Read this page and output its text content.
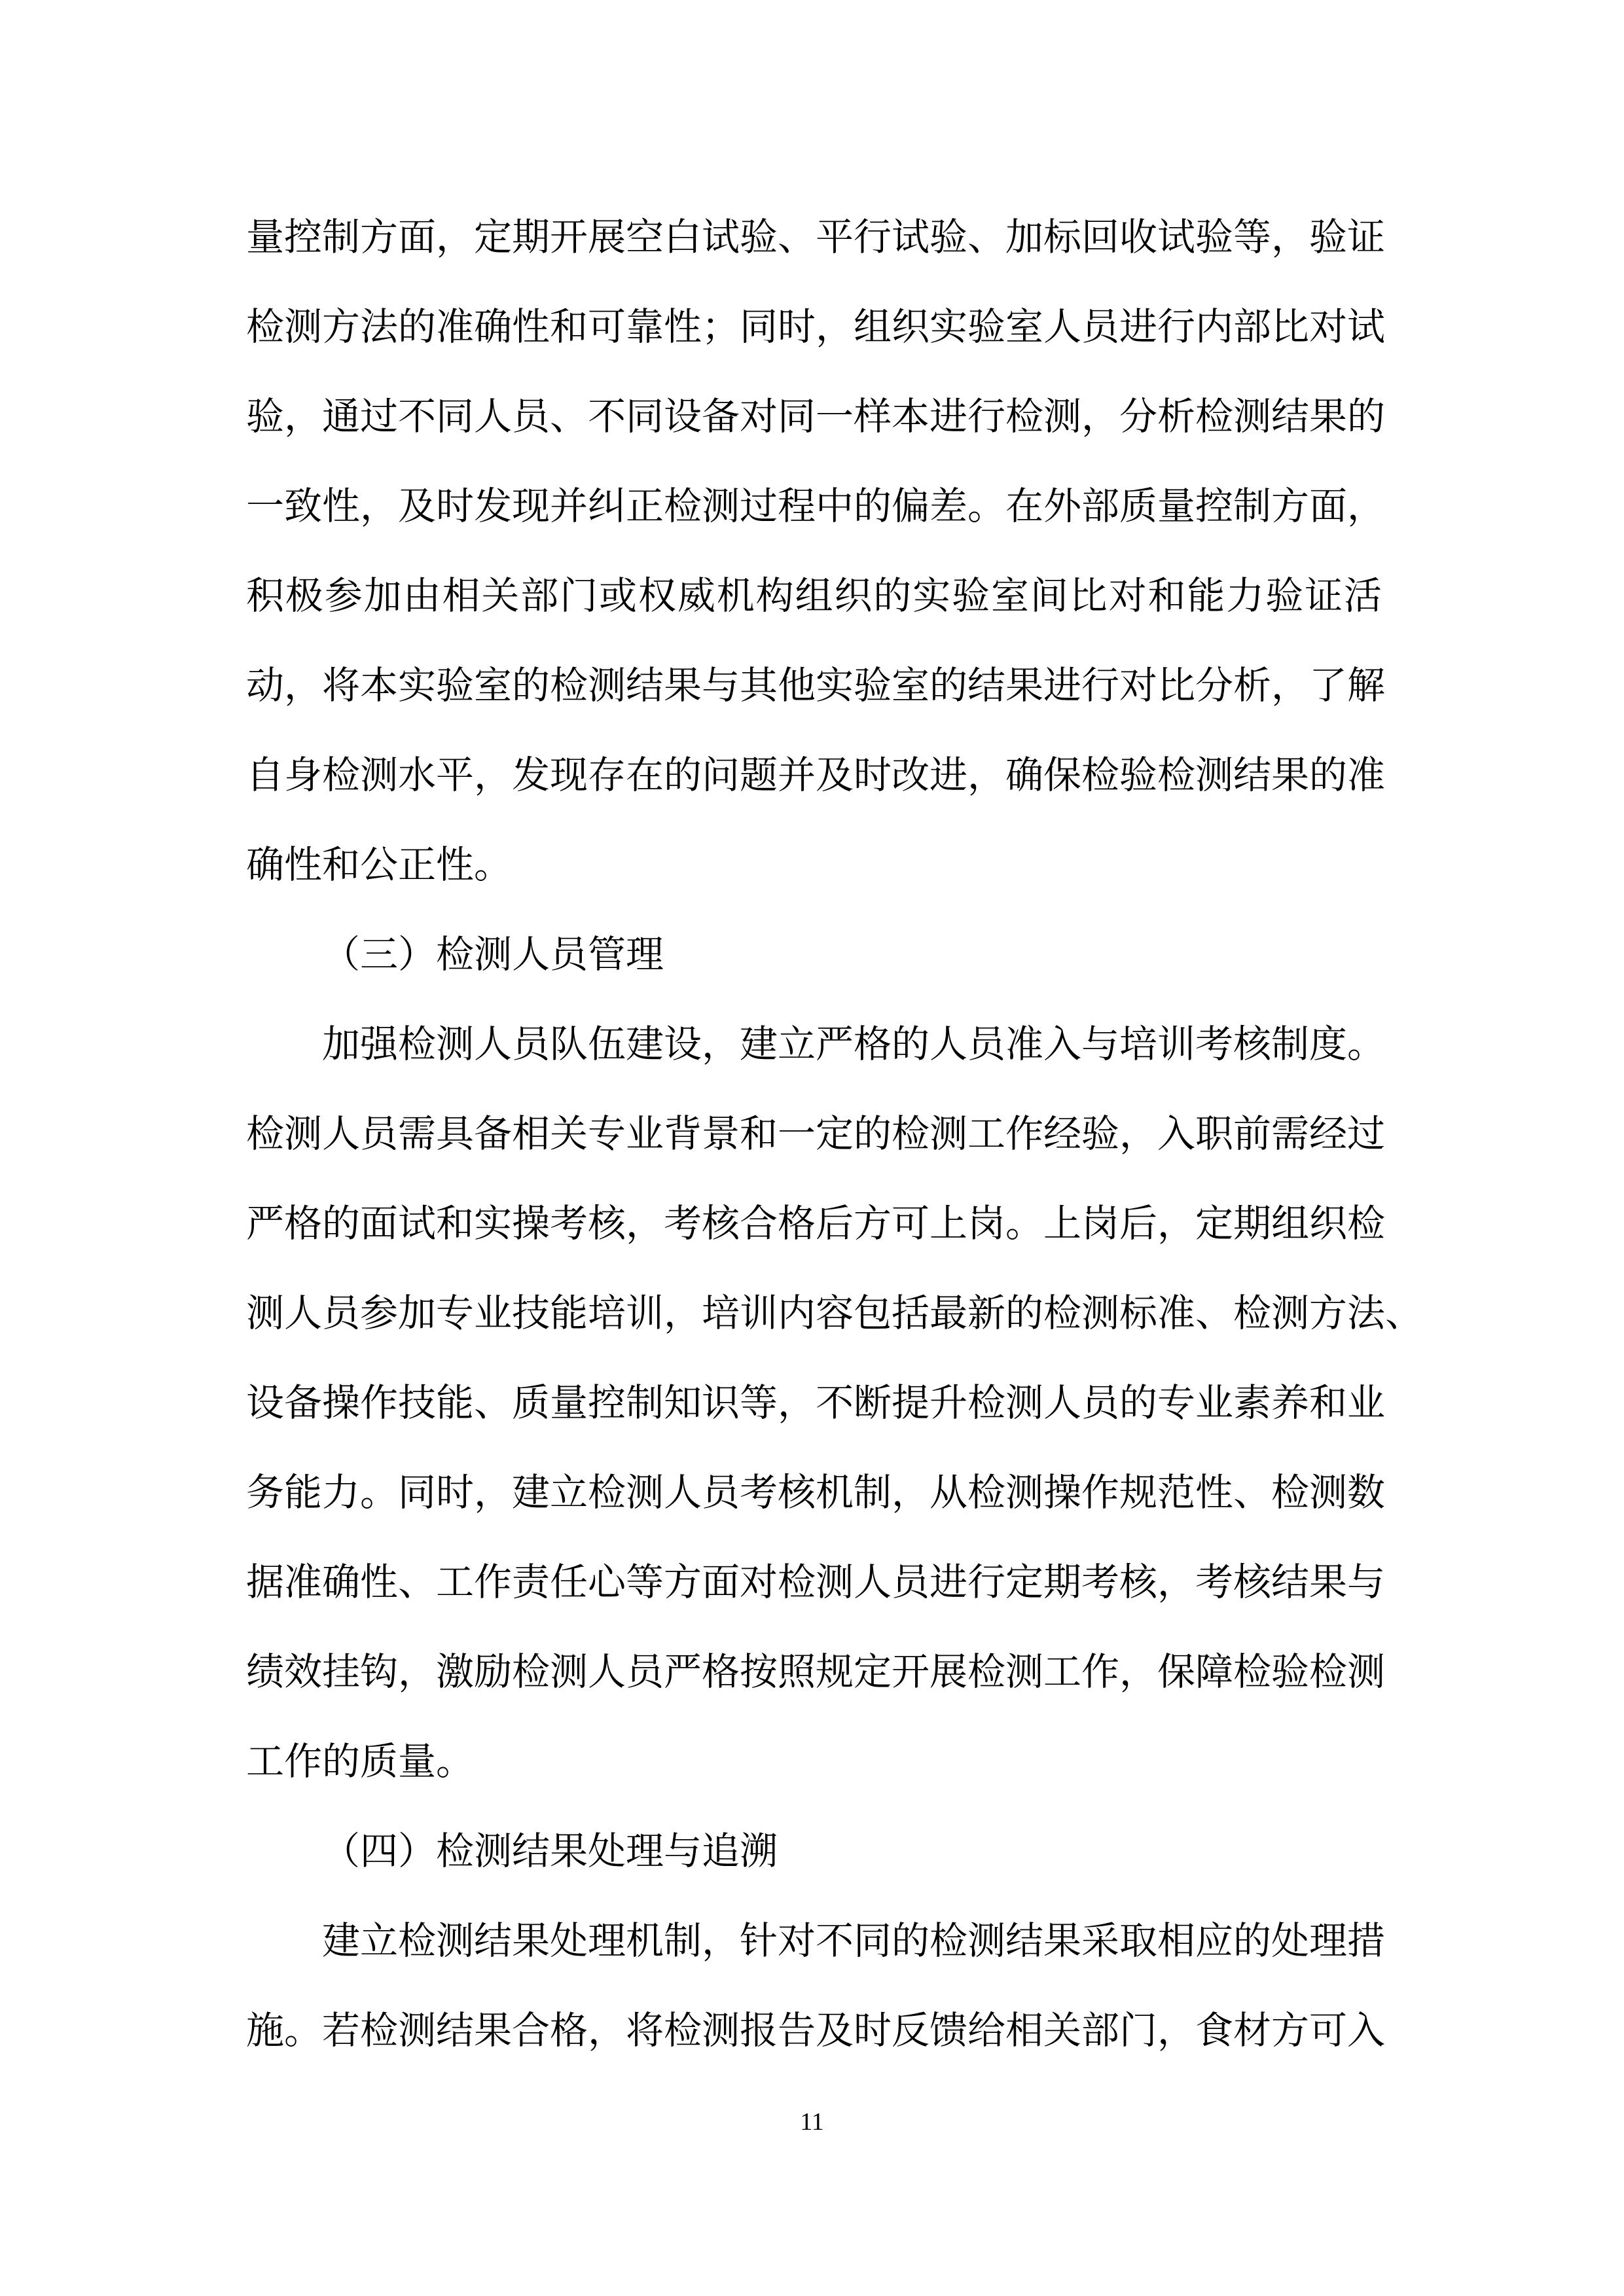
量控制方面，定期开展空白试验、平行试验、加标回收试验等，验证
检测方法的准确性和可靠性；同时，组织实验室人员进行内部比对试
验，通过不同人员、不同设备对同一样本进行检测，分析检测结果的
一致性，及时发现并纠正检测过程中的偏差。在外部质量控制方面，
积极参加由相关部门或权威机构组织的实验室间比对和能力验证活
动，将本实验室的检测结果与其他实验室的结果进行对比分析，了解
自身检测水平，发现存在的问题并及时改进，确保检验检测结果的准
确性和公正性。
（三）检测人员管理
加强检测人员队伍建设，建立严格的人员准入与培训考核制度。
检测人员需具备相关专业背景和一定的检测工作经验，入职前需经过
严格的面试和实操考核，考核合格后方可上岗。上岗后，定期组织检
测人员参加专业技能培训，培训内容包括最新的检测标准、检测方法、
设备操作技能、质量控制知识等，不断提升检测人员的专业素养和业
务能力。同时，建立检测人员考核机制，从检测操作规范性、检测数
据准确性、工作责任心等方面对检测人员进行定期考核，考核结果与
绩效挂钩，激励检测人员严格按照规定开展检测工作，保障检验检测
工作的质量。
（四）检测结果处理与追溯
建立检测结果处理机制，针对不同的检测结果采取相应的处理措
施。若检测结果合格，将检测报告及时反馈给相关部门，食材方可入
11
